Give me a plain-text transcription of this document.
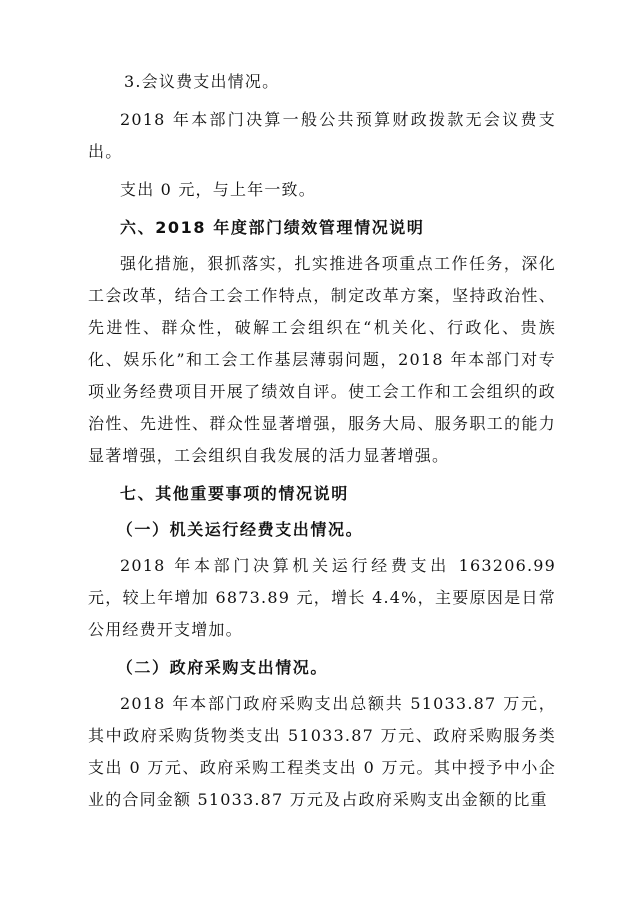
3.会议费支出情况。

2018 年本部门决算一般公共预算财政拨款无会议费支出。

支出 0 元，与上年一致。

六、2018 年度部门绩效管理情况说明

强化措施，狠抓落实，扎实推进各项重点工作任务，深化工会改革，结合工会工作特点，制定改革方案，坚持政治性、先进性、群众性，破解工会组织在“机关化、行政化、贵族化、娱乐化”和工会工作基层薄弱问题，2018 年本部门对专项业务经费项目开展了绩效自评。使工会工作和工会组织的政治性、先进性、群众性显著增强，服务大局、服务职工的能力显著增强，工会组织自我发展的活力显著增强。

七、其他重要事项的情况说明

（一）机关运行经费支出情况。

2018 年本部门决算机关运行经费支出 163206.99 元，较上年增加 6873.89 元，增长 4.4%，主要原因是日常公用经费开支增加。

（二）政府采购支出情况。

2018 年本部门政府采购支出总额共 51033.87 万元，其中政府采购货物类支出 51033.87 万元、政府采购服务类支出 0 万元、政府采购工程类支出 0 万元。其中授予中小企业的合同金额 51033.87 万元及占政府采购支出金额的比重
